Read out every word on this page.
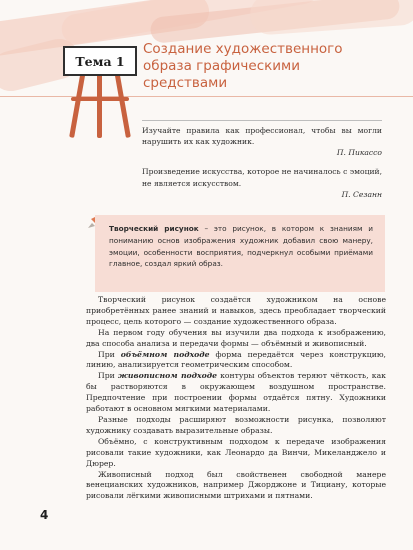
Тема 1
Создание художественного
образа графическими
средствами

Изучайте правила как профессионал, чтобы вы могли нарушить их как художник.

П. Пикассо

Произведение искусства, которое не начиналось с эмоций, не является искусством.

П. Сезанн

Творческий рисунок – это рисунок, в котором к знаниям и пониманию основ изображения художник добавил свою манеру, эмоции, особенности восприятия, подчеркнул особыми приёмами главное, создал яркий образ.

Творческий рисунок создаётся художником на основе приобретённых ранее знаний и навыков, здесь преобладает творческий процесс, цель которого — создание художественного образа.

На первом году обучения вы изучили два подхода к изображению, два способа анализа и передачи формы — объёмный и живописный.

При объёмном подходе форма передаётся через конструкцию, линию, анализируется геометрическим способом.

При живописном подходе контуры объектов теряют чёткость, как бы растворяются в окружающем воздушном пространстве. Предпочтение при построении формы отдаётся пятну. Художники работают в основном мягкими материалами.

Разные подходы расширяют возможности рисунка, позволяют художнику создавать выразительные образы.

Объёмно, с конструктивным подходом к передаче изображения рисовали такие художники, как Леонардо да Винчи, Микеланджело и Дюрер.

Живописный подход был свойственен свободной манере венецианских художников, например Джорджоне и Тициану, которые рисовали лёгкими живописными штрихами и пятнами.

4
